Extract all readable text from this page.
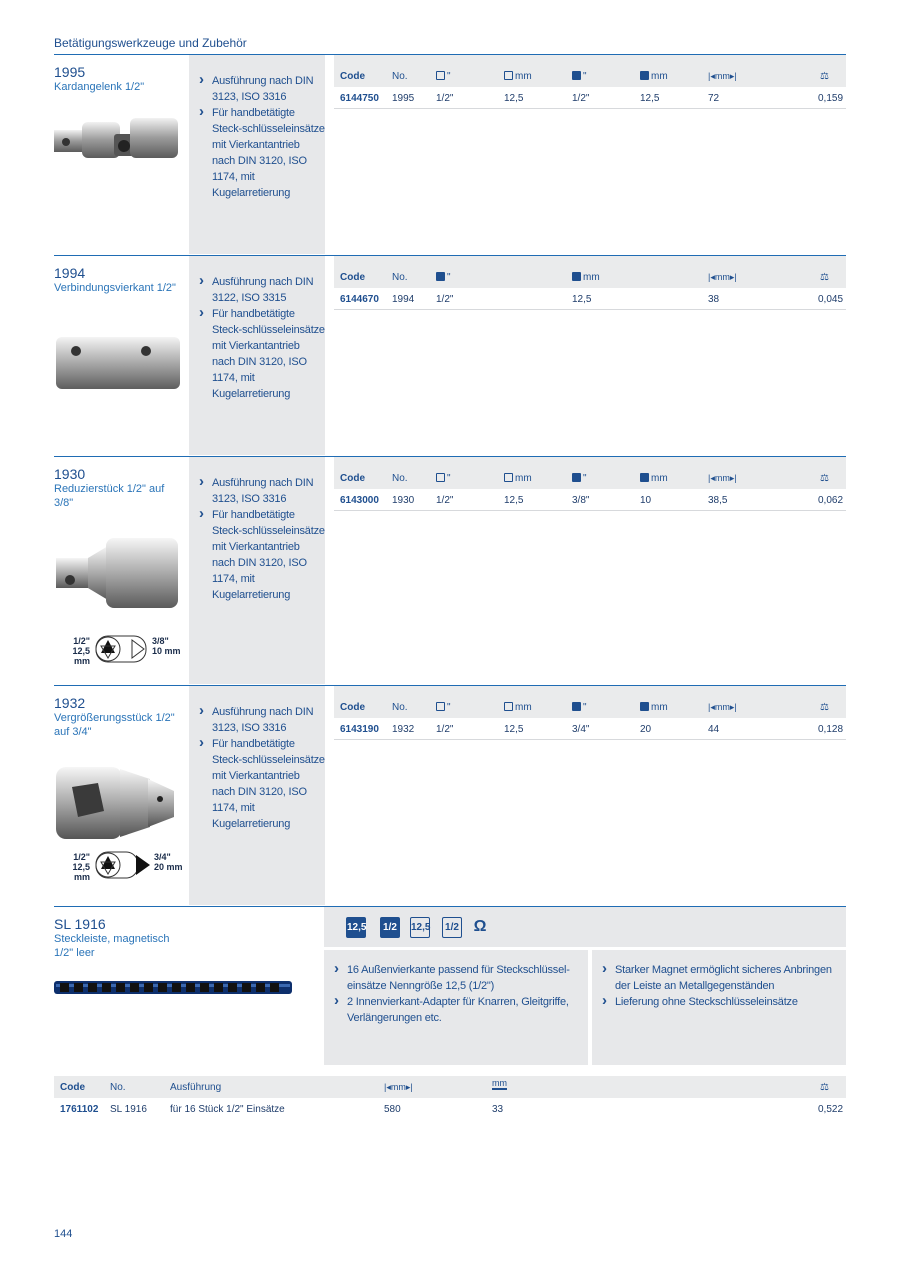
Betätigungswerkzeuge und Zubehör
1995
Kardangelenk 1/2"	› Ausführung nach DIN 3123, ISO 3316
› Für handbetätigte Steck-schlüsseleinsätze mit Vierkantantrieb nach DIN 3120, ISO 1174, mit Kugelarretierung
Code	No.	"	mm	"	mm	|◂mm▸|	⚖
6144750 1995 1/2"	12,5	1/2"	12,5	72	0,159
1994
Verbindungsvierkant 1/2"	› Ausführung nach DIN 3122, ISO 3315
› Für handbetätigte Steck-schlüsseleinsätze mit Vierkantantrieb nach DIN 3120, ISO 1174, mit Kugelarretierung
Code	No.	"	mm	|◂mm▸|	⚖
6144670 1994 1/2"	12,5	38	0,045
1930
Reduzierstück 1/2" auf 3/8"
1/2"
12,5 mm
3/8"
10 mm
› Ausführung nach DIN 3123, ISO 3316
› Für handbetätigte Steck-schlüsseleinsätze mit Vierkantantrieb nach DIN 3120, ISO 1174, mit Kugelarretierung
Code	No.	"	mm	"	mm	|◂mm▸|	⚖
6143000 1930 1/2"	12,5	3/8"	10	38,5	0,062
1932
Vergrößerungsstück 1/2" auf 3/4"
1/2"
12,5 mm
3/4"
20 mm
› Ausführung nach DIN 3123, ISO 3316
› Für handbetätigte Steck-schlüsseleinsätze mit Vierkantantrieb nach DIN 3120, ISO 1174, mit Kugelarretierung
Code	No.	"	mm	"	mm	|◂mm▸|	⚖
6143190 1932 1/2"	12,5	3/4"	20	44	0,128
SL 1916
Steckleiste, magnetisch 1/2" leer
12,5	1/2	12,5	1/2 Ω
› 16 Außenvierkante passend für Steckschlüssel-einsätze Nenngröße 12,5 (1/2")
› 2 Innenvierkant-Adapter für Knarren, Gleitgriffe, Verlängerungen etc.
› Starker Magnet ermöglicht sicheres Anbringen der Leiste an Metallgegenständen
› Lieferung ohne Steckschlüsseleinsätze
Code	No.	Ausführung	|◂mm▸|	mm	⚖
1761102 SL 1916 für 16 Stück 1/2" Einsätze	580	33	0,522
144
